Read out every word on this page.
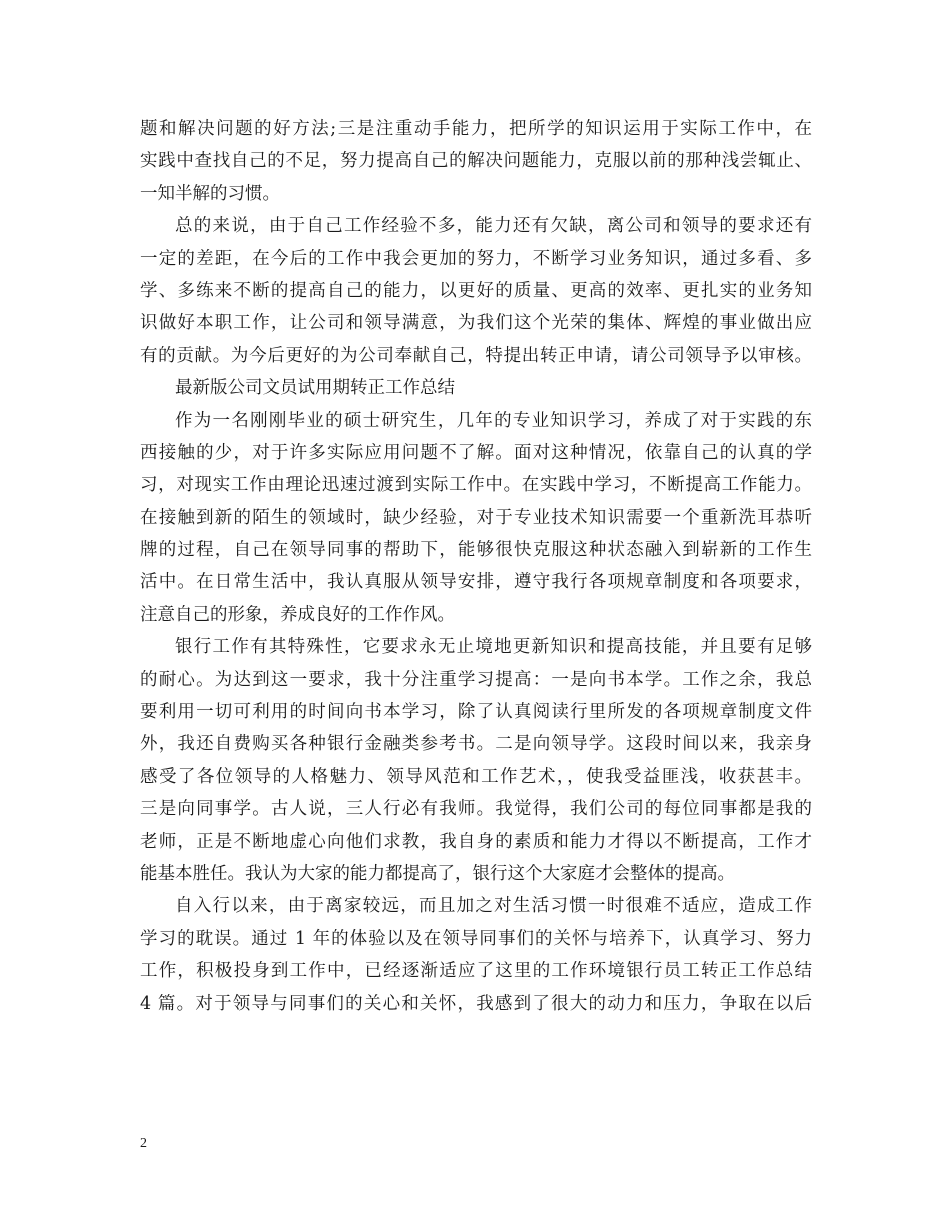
题和解决问题的好方法;三是注重动手能力，把所学的知识运用于实际工作中，在
实践中查找自己的不足，努力提高自己的解决问题能力，克服以前的那种浅尝辄止、
一知半解的习惯。
总的来说，由于自己工作经验不多，能力还有欠缺，离公司和领导的要求还有
一定的差距，在今后的工作中我会更加的努力，不断学习业务知识，通过多看、多
学、多练来不断的提高自己的能力，以更好的质量、更高的效率、更扎实的业务知
识做好本职工作，让公司和领导满意，为我们这个光荣的集体、辉煌的事业做出应
有的贡献。为今后更好的为公司奉献自己，特提出转正申请，请公司领导予以审核。
最新版公司文员试用期转正工作总结
作为一名刚刚毕业的硕士研究生，几年的专业知识学习，养成了对于实践的东
西接触的少，对于许多实际应用问题不了解。面对这种情况，依靠自己的认真的学
习，对现实工作由理论迅速过渡到实际工作中。在实践中学习，不断提高工作能力。
在接触到新的陌生的领域时，缺少经验，对于专业技术知识需要一个重新洗耳恭听
牌的过程，自己在领导同事的帮助下，能够很快克服这种状态融入到崭新的工作生
活中。在日常生活中，我认真服从领导安排，遵守我行各项规章制度和各项要求，
注意自己的形象，养成良好的工作作风。
银行工作有其特殊性，它要求永无止境地更新知识和提高技能，并且要有足够
的耐心。为达到这一要求，我十分注重学习提高：一是向书本学。工作之余，我总
要利用一切可利用的时间向书本学习，除了认真阅读行里所发的各项规章制度文件
外，我还自费购买各种银行金融类参考书。二是向领导学。这段时间以来，我亲身
感受了各位领导的人格魅力、领导风范和工作艺术，，使我受益匪浅，收获甚丰。
三是向同事学。古人说，三人行必有我师。我觉得，我们公司的每位同事都是我的
老师，正是不断地虚心向他们求教，我自身的素质和能力才得以不断提高，工作才
能基本胜任。我认为大家的能力都提高了，银行这个大家庭才会整体的提高。
自入行以来，由于离家较远，而且加之对生活习惯一时很难不适应，造成工作
学习的耽误。通过 1 年的体验以及在领导同事们的关怀与培养下，认真学习、努力
工作，积极投身到工作中，已经逐渐适应了这里的工作环境银行员工转正工作总结
4 篇。对于领导与同事们的关心和关怀，我感到了很大的动力和压力，争取在以后
2
